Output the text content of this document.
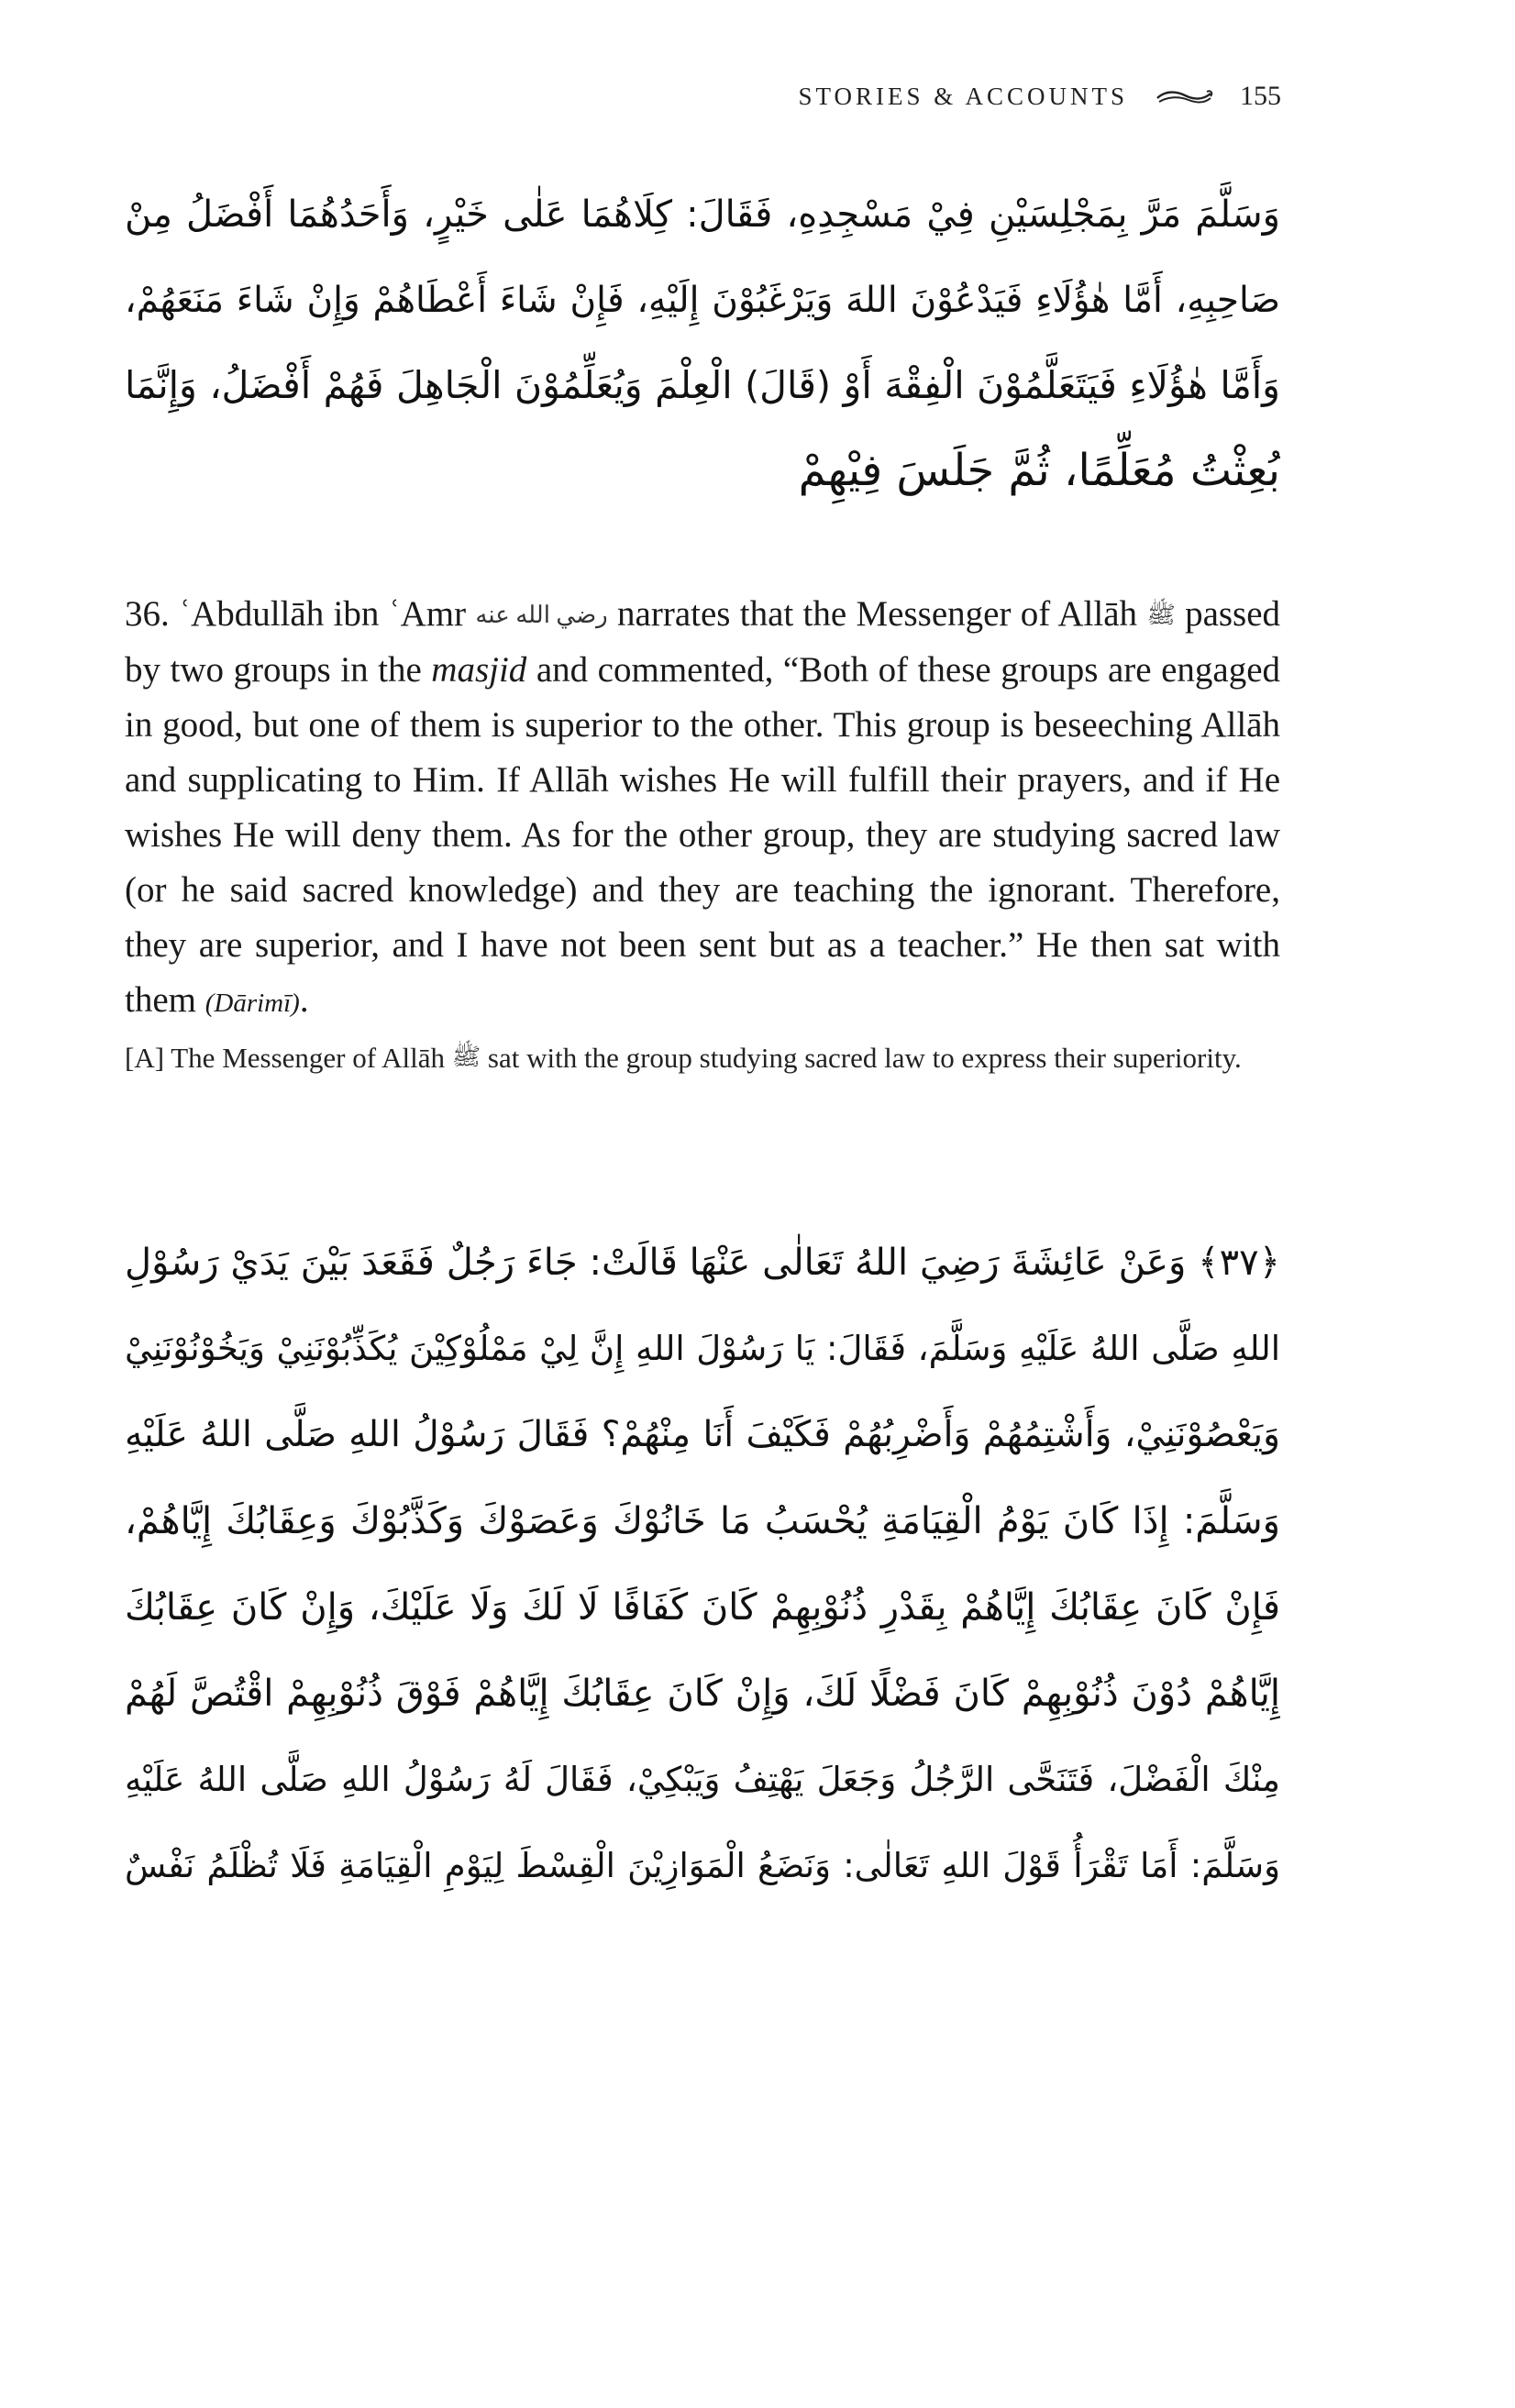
STORIES & ACCOUNTS	155
وَسَلَّمَ مَرَّ بِمَجْلِسَيْنِ فِيْ مَسْجِدِهِ، فَقَالَ: كِلَاهُمَا عَلٰى خَيْرٍ، وَأَحَدُهُمَا أَفْضَلُ مِنْ
صَاحِبِهِ، أَمَّا هٰؤُلَاءِ فَيَدْعُوْنَ اللهَ وَيَرْغَبُوْنَ إِلَيْهِ، فَإِنْ شَاءَ أَعْطَاهُمْ وَإِنْ شَاءَ مَنَعَهُمْ،
وَأَمَّا هٰؤُلَاءِ فَيَتَعَلَّمُوْنَ الْفِقْهَ أَوْ (قَالَ) الْعِلْمَ وَيُعَلِّمُوْنَ الْجَاهِلَ فَهُمْ أَفْضَلُ، وَإِنَّمَا
بُعِثْتُ مُعَلِّمًا، ثُمَّ جَلَسَ فِيْهِمْ
36. ʿAbdullāh ibn ʿAmr رضي الله عنه narrates that the Messenger of Allāh ﷺ passed by two groups in the masjid and commented, “Both of these groups are engaged in good, but one of them is superior to the other. This group is beseeching Allāh and supplicating to Him. If Allāh wishes He will fulfill their prayers, and if He wishes He will deny them. As for the other group, they are studying sacred law (or he said sacred knowledge) and they are teaching the ignorant. Therefore, they are superior, and I have not been sent but as a teacher.” He then sat with them (Dārimī).
[A] The Messenger of Allāh ﷺ sat with the group studying sacred law to express their superiority.
﴿٣٧﴾ وَعَنْ عَائِشَةَ رَضِيَ اللهُ تَعَالٰى عَنْهَا قَالَتْ: جَاءَ رَجُلٌ فَقَعَدَ بَيْنَ يَدَيْ رَسُوْلِ
اللهِ صَلَّى اللهُ عَلَيْهِ وَسَلَّمَ، فَقَالَ: يَا رَسُوْلَ اللهِ إِنَّ لِيْ مَمْلُوْكِيْنَ يُكَذِّبُوْنَنِيْ وَيَخُوْنُوْنَنِيْ
وَيَعْصُوْنَنِيْ، وَأَشْتِمُهُمْ وَأَضْرِبُهُمْ فَكَيْفَ أَنَا مِنْهُمْ؟ فَقَالَ رَسُوْلُ اللهِ صَلَّى اللهُ عَلَيْهِ
وَسَلَّمَ: إِذَا كَانَ يَوْمُ الْقِيَامَةِ يُحْسَبُ مَا خَانُوْكَ وَعَصَوْكَ وَكَذَّبُوْكَ وَعِقَابُكَ إِيَّاهُمْ،
فَإِنْ كَانَ عِقَابُكَ إِيَّاهُمْ بِقَدْرِ ذُنُوْبِهِمْ كَانَ كَفَافًا لَا لَكَ وَلَا عَلَيْكَ، وَإِنْ كَانَ عِقَابُكَ
إِيَّاهُمْ دُوْنَ ذُنُوْبِهِمْ كَانَ فَضْلًا لَكَ، وَإِنْ كَانَ عِقَابُكَ إِيَّاهُمْ فَوْقَ ذُنُوْبِهِمْ اقْتُصَّ لَهُمْ
مِنْكَ الْفَضْلَ، فَتَنَحَّى الرَّجُلُ وَجَعَلَ يَهْتِفُ وَيَبْكِيْ، فَقَالَ لَهُ رَسُوْلُ اللهِ صَلَّى اللهُ عَلَيْهِ
وَسَلَّمَ: أَمَا تَقْرَأُ قَوْلَ اللهِ تَعَالٰى: وَنَضَعُ الْمَوَازِيْنَ الْقِسْطَ لِيَوْمِ الْقِيَامَةِ فَلَا تُظْلَمُ نَفْسٌ
